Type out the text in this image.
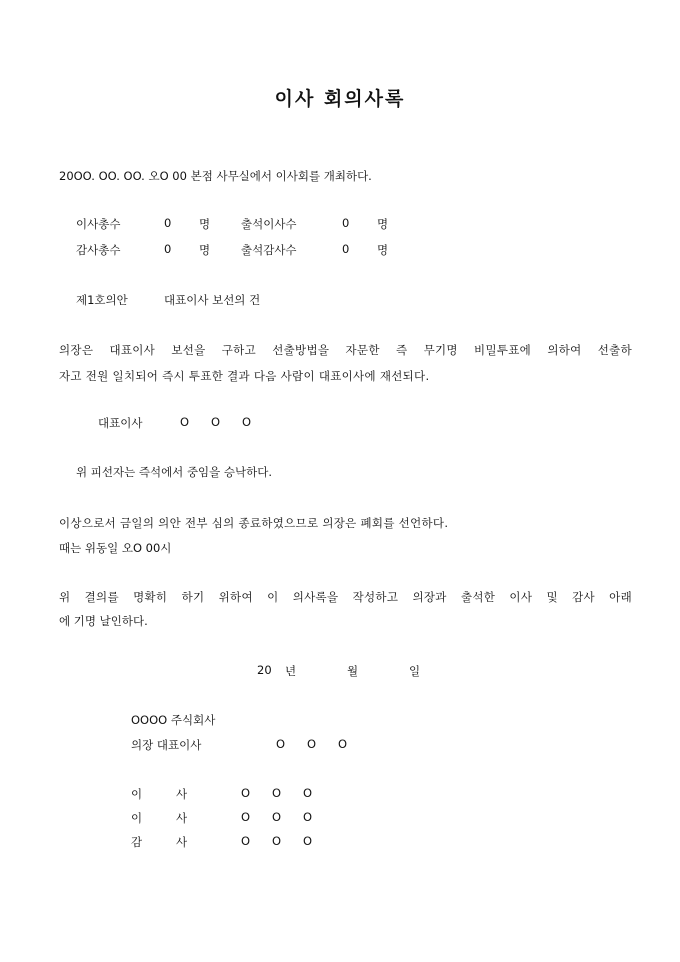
이사 회의사록
20OO. OO. OO. 오O 00 본점 사무실에서 이사회를 개최하다.
이사총수	0 명	출석이사수	0 명
감사총수	0 명	출석감사수	0 명
제1호의안	대표이사 보선의 건
의장은 대표이사 보선을 구하고 선출방법을 자문한 즉 무기명 비밀투표에 의하여 선출하
자고 전원 일치되어 즉시 투표한 결과 다음 사람이 대표이사에 재선되다.
대표이사	O O O
위 피선자는 즉석에서 중임을 승낙하다.
이상으로서 금일의 의안 전부 심의 종료하였으므로 의장은 폐회를 선언하다.
때는 위동일 오O 00시
위 결의를 명확히 하기 위하여 이 의사록을 작성하고 의장과 출석한 이사 및 감사 아래
에 기명 날인하다.
20 년	월	일
OOOO 주식회사
의장 대표이사	O O O
이	사	O O O
이	사	O O O
감	사	O O O
